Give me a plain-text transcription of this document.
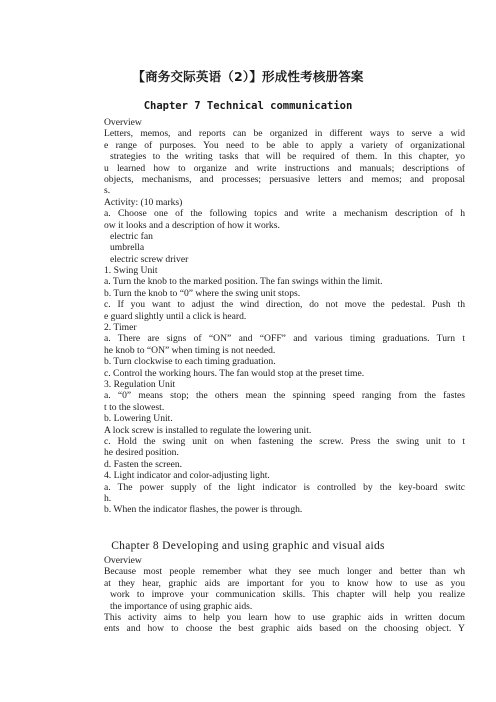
【商务交际英语（2）】形成性考核册答案
Chapter 7 Technical communication
Overview
Letters, memos, and reports can be organized in different ways to serve a wid
e range of purposes. You need to be able to apply a variety of organizational
strategies to the writing tasks that will be required of them. In this chapter, yo
u learned how to organize and write instructions and manuals; descriptions of
objects, mechanisms, and processes; persuasive letters and memos; and proposal
s.
Activity: (10 marks)
a. Choose one of the following topics and write a mechanism description of h
ow it looks and a description of how it works.
electric fan
umbrella
electric screw driver
1. Swing Unit
a. Turn the knob to the marked position. The fan swings within the limit.
b. Turn the knob to “0” where the swing unit stops.
c. If you want to adjust the wind direction, do not move the pedestal. Push th
e guard slightly until a click is heard.
2. Timer
a. There are signs of “ON” and “OFF” and various timing graduations. Turn t
he knob to “ON” when timing is not needed.
b. Turn clockwise to each timing graduation.
c. Control the working hours. The fan would stop at the preset time.
3. Regulation Unit
a. “0” means stop; the others mean the spinning speed ranging from the fastes
t to the slowest.
b. Lowering Unit.
A lock screw is installed to regulate the lowering unit.
c. Hold the swing unit on when fastening the screw. Press the swing unit to t
he desired position.
d. Fasten the screen.
4. Light indicator and color-adjusting light.
a. The power supply of the light indicator is controlled by the key-board switc
h.
b. When the indicator flashes, the power is through.
Chapter 8 Developing and using graphic and visual aids
Overview
Because most people remember what they see much longer and better than wh
at they hear, graphic aids are important for you to know how to use as you
work to improve your communication skills. This chapter will help you realize
the importance of using graphic aids.
This activity aims to help you learn how to use graphic aids in written docum
ents and how to choose the best graphic aids based on the choosing object. Y
